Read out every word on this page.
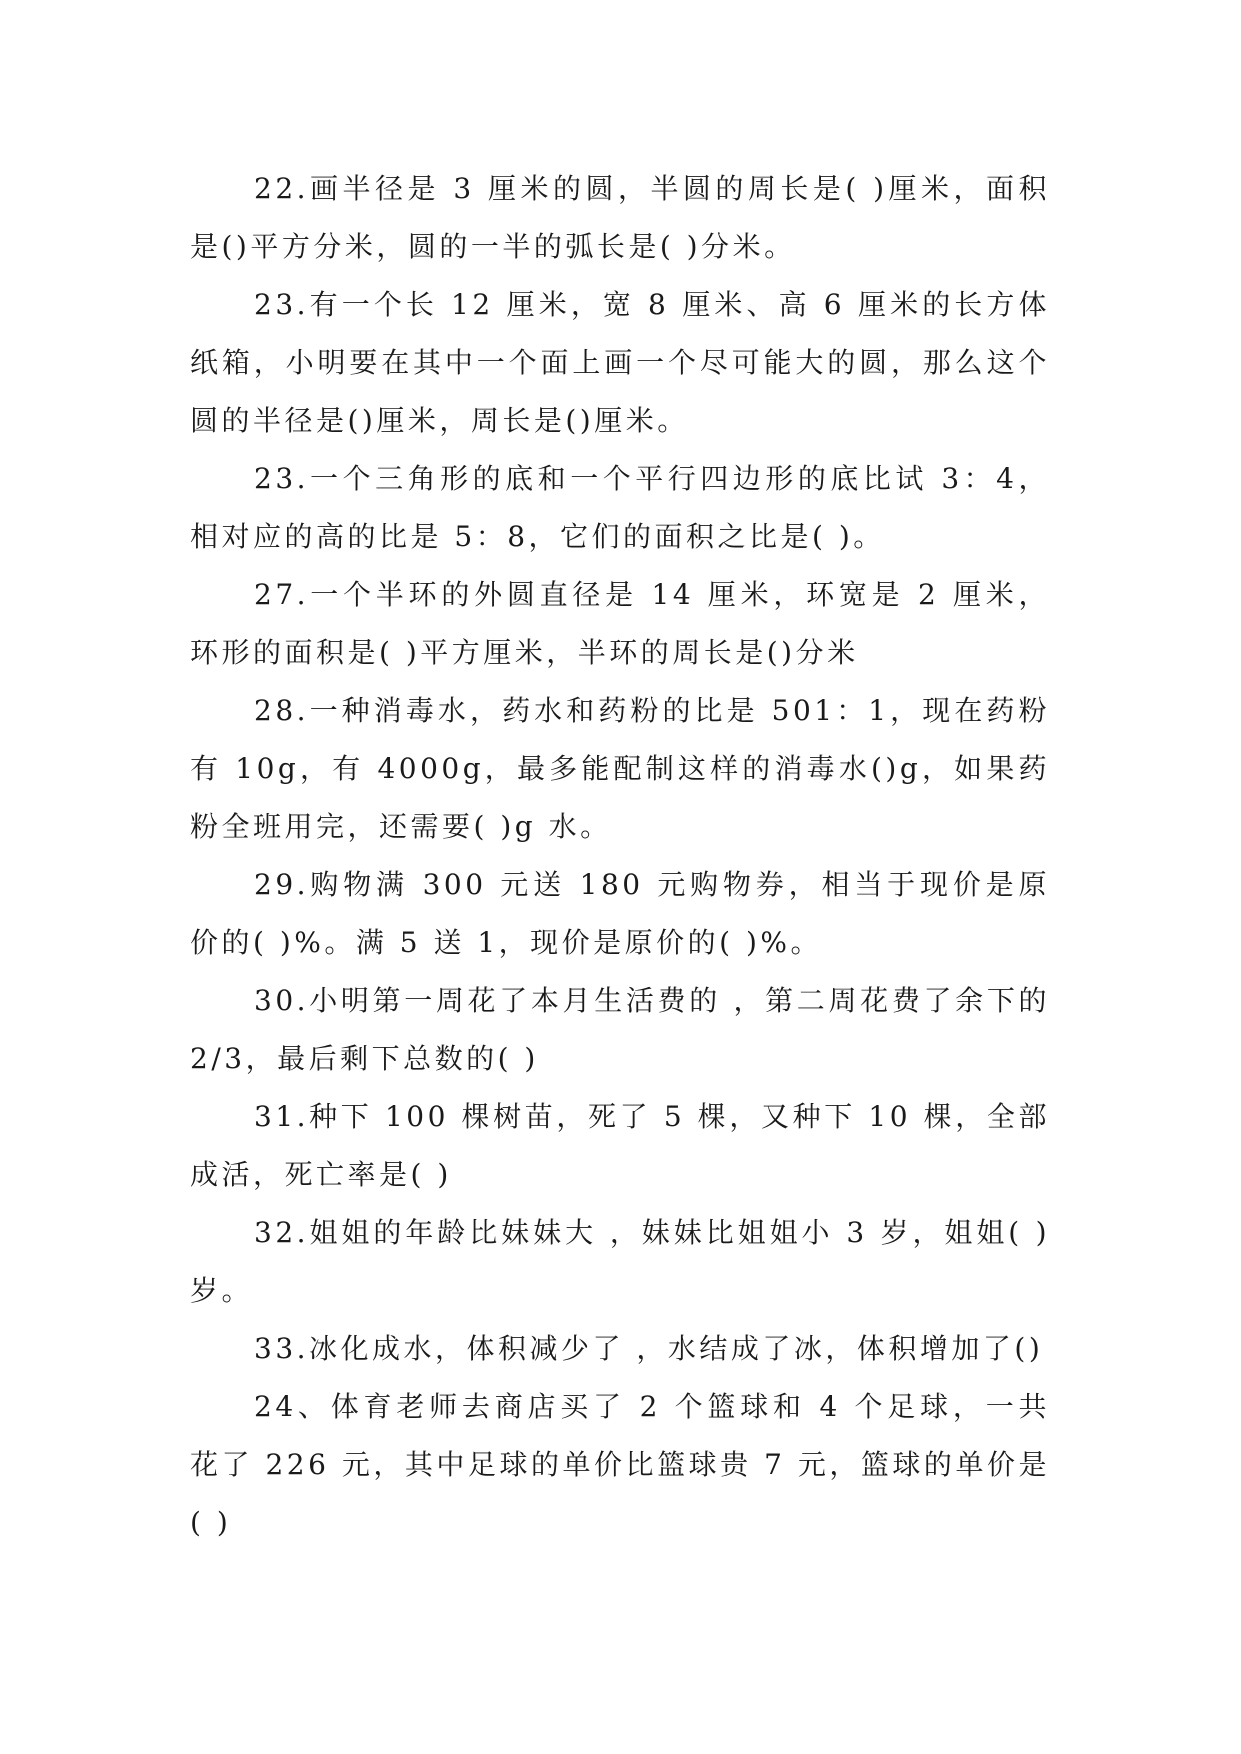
22.画半径是 3 厘米的圆，半圆的周长是( )厘米，面积是()平方分米，圆的一半的弧长是( )分米。

23.有一个长 12 厘米，宽 8 厘米、高 6 厘米的长方体纸箱，小明要在其中一个面上画一个尽可能大的圆，那么这个圆的半径是()厘米，周长是()厘米。

23.一个三角形的底和一个平行四边形的底比试 3：4，相对应的高的比是 5：8，它们的面积之比是( )。

27.一个半环的外圆直径是 14 厘米，环宽是 2 厘米，环形的面积是( )平方厘米，半环的周长是()分米

28.一种消毒水，药水和药粉的比是 501：1，现在药粉有 10g，有 4000g，最多能配制这样的消毒水()g，如果药粉全班用完，还需要( )g 水。

29.购物满 300 元送 180 元购物券，相当于现价是原价的( )%。满 5 送 1，现价是原价的( )%。

30.小明第一周花了本月生活费的 ，第二周花费了余下的 2/3，最后剩下总数的( )

31.种下 100 棵树苗，死了 5 棵，又种下 10 棵，全部成活，死亡率是( )

32.姐姐的年龄比妹妹大 ，妹妹比姐姐小 3 岁，姐姐( )岁。

33.冰化成水，体积减少了 ，水结成了冰，体积增加了()

24、体育老师去商店买了 2 个篮球和 4 个足球，一共花了 226 元，其中足球的单价比篮球贵 7 元，篮球的单价是( )
